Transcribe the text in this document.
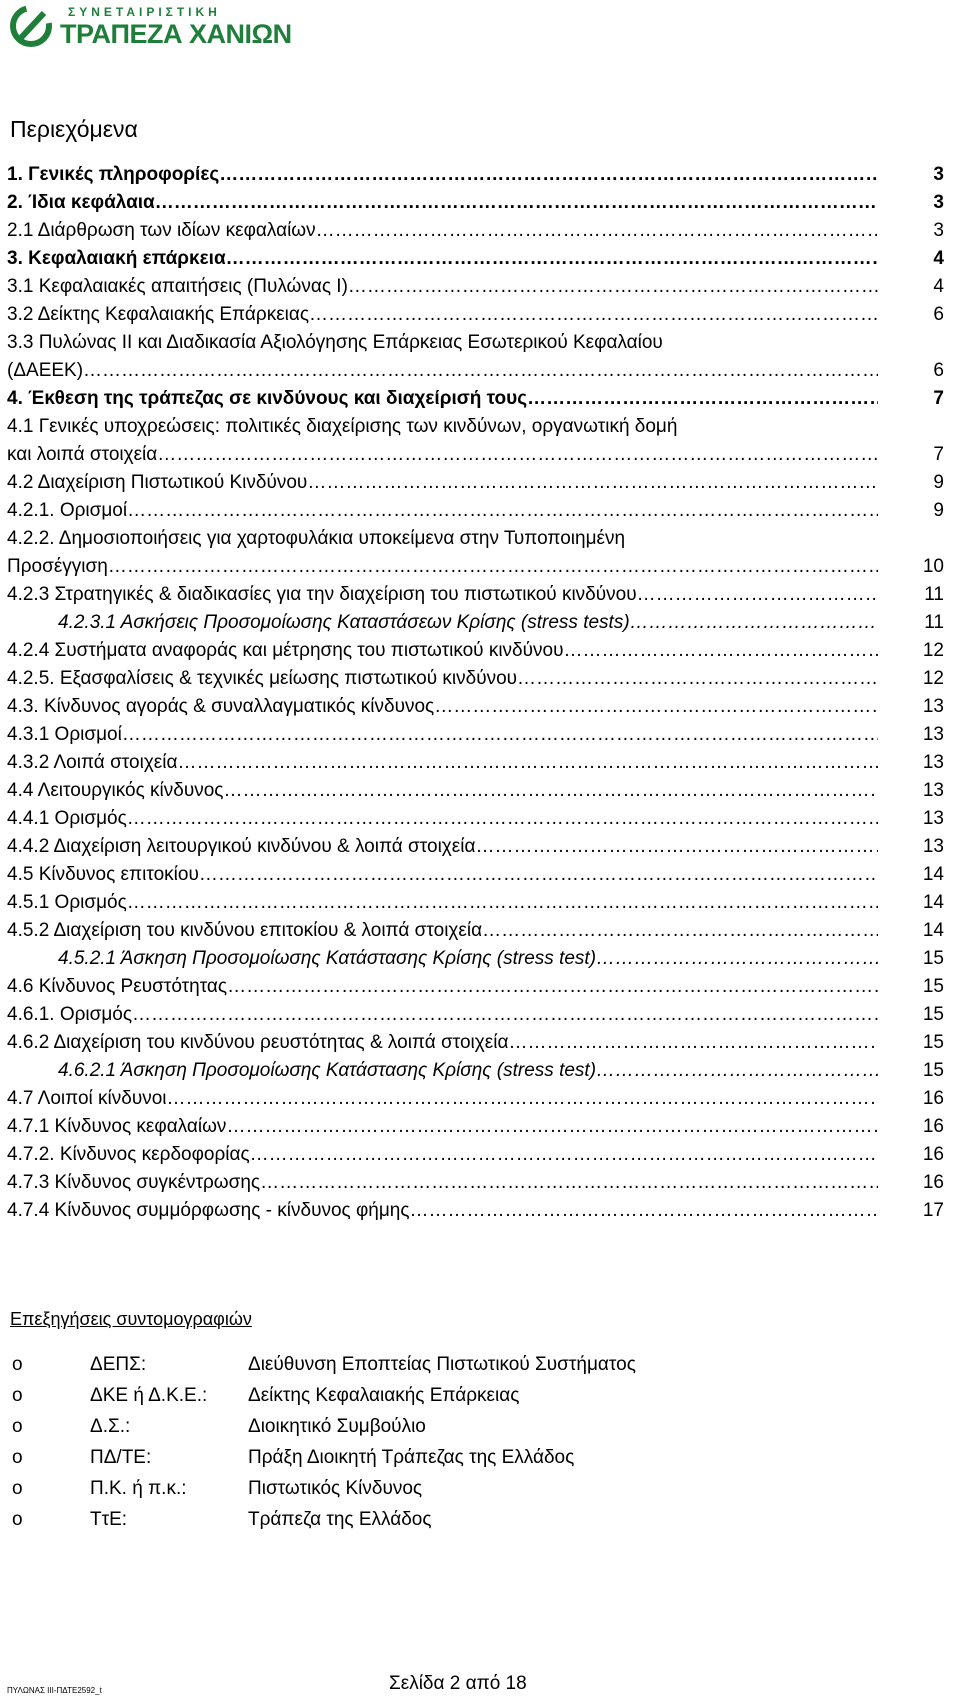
ΣΥΝΕΤΑΙΡΙΣΤΙΚΗ
ΤΡΑΠΕΖΑ ΧΑΝΙΩΝ
Περιεχόμενα
1. Γενικές πληροφορίες ……………………………………………………………………………………………………………………………………………………………………………………	3
2. Ίδια κεφάλαια ……………………………………………………………………………………………………………………………………………………………………………………	3
2.1 Διάρθρωση των ιδίων κεφαλαίων ……………………………………………………………………………………………………………………………………………………………………………………	3
3. Κεφαλαιακή επάρκεια ……………………………………………………………………………………………………………………………………………………………………………………	4
3.1 Κεφαλαιακές απαιτήσεις (Πυλώνας Ι) ……………………………………………………………………………………………………………………………………………………………………………………	4
3.2 Δείκτης Κεφαλαιακής Επάρκειας ……………………………………………………………………………………………………………………………………………………………………………………	6
3.3 Πυλώνας ΙΙ και Διαδικασία Αξιολόγησης Επάρκειας Εσωτερικού Κεφαλαίου
(ΔΑΕΕΚ) ……………………………………………………………………………………………………………………………………………………………………………………	6
4. Έκθεση της τράπεζας σε κινδύνους και διαχείρισή τους ……………………………………………………………………………………………………………………………………………………………………………………	7
4.1 Γενικές υποχρεώσεις: πολιτικές διαχείρισης των κινδύνων, οργανωτική δομή
και λοιπά στοιχεία ……………………………………………………………………………………………………………………………………………………………………………………	7
4.2 Διαχείριση Πιστωτικού Κινδύνου ……………………………………………………………………………………………………………………………………………………………………………………	9
4.2.1. Ορισμοί ……………………………………………………………………………………………………………………………………………………………………………………	9
4.2.2. Δημοσιοποιήσεις για χαρτοφυλάκια υποκείμενα στην Τυποποιημένη
Προσέγγιση ……………………………………………………………………………………………………………………………………………………………………………………	10
4.2.3 Στρατηγικές & διαδικασίες για την διαχείριση του πιστωτικού κινδύνου ……………………………………………………………………………………………………………………………………………………………………………………	11
4.2.3.1 Ασκήσεις Προσομοίωσης Καταστάσεων Κρίσης (stress tests) ……………………………………………………………………………………………………………………………………………………………………………………	11
4.2.4 Συστήματα αναφοράς και μέτρησης του πιστωτικού κινδύνου ……………………………………………………………………………………………………………………………………………………………………………………	12
4.2.5. Εξασφαλίσεις & τεχνικές μείωσης πιστωτικού κινδύνου ……………………………………………………………………………………………………………………………………………………………………………………	12
4.3. Κίνδυνος αγοράς & συναλλαγματικός κίνδυνος ……………………………………………………………………………………………………………………………………………………………………………………	13
4.3.1 Ορισμοί ……………………………………………………………………………………………………………………………………………………………………………………	13
4.3.2 Λοιπά στοιχεία ……………………………………………………………………………………………………………………………………………………………………………………	13
4.4 Λειτουργικός κίνδυνος ……………………………………………………………………………………………………………………………………………………………………………………	13
4.4.1 Ορισμός ……………………………………………………………………………………………………………………………………………………………………………………	13
4.4.2 Διαχείριση λειτουργικού κινδύνου & λοιπά στοιχεία ……………………………………………………………………………………………………………………………………………………………………………………	13
4.5 Κίνδυνος επιτοκίου ……………………………………………………………………………………………………………………………………………………………………………………	14
4.5.1 Ορισμός ……………………………………………………………………………………………………………………………………………………………………………………	14
4.5.2 Διαχείριση του κινδύνου επιτοκίου & λοιπά στοιχεία ……………………………………………………………………………………………………………………………………………………………………………………	14
4.5.2.1 Άσκηση Προσομοίωσης Κατάστασης Κρίσης (stress test) ……………………………………………………………………………………………………………………………………………………………………………………	15
4.6 Κίνδυνος Ρευστότητας ……………………………………………………………………………………………………………………………………………………………………………………	15
4.6.1. Ορισμός ……………………………………………………………………………………………………………………………………………………………………………………	15
4.6.2 Διαχείριση του κινδύνου ρευστότητας & λοιπά στοιχεία ……………………………………………………………………………………………………………………………………………………………………………………	15
4.6.2.1 Άσκηση Προσομοίωσης Κατάστασης Κρίσης (stress test) ……………………………………………………………………………………………………………………………………………………………………………………	15
4.7 Λοιποί κίνδυνοι ……………………………………………………………………………………………………………………………………………………………………………………	16
4.7.1 Κίνδυνος κεφαλαίων ……………………………………………………………………………………………………………………………………………………………………………………	16
4.7.2. Κίνδυνος κερδοφορίας ……………………………………………………………………………………………………………………………………………………………………………………	16
4.7.3 Κίνδυνος συγκέντρωσης ……………………………………………………………………………………………………………………………………………………………………………………	16
4.7.4 Κίνδυνος συμμόρφωσης - κίνδυνος φήμης ……………………………………………………………………………………………………………………………………………………………………………………	17
Επεξηγήσεις συντομογραφιών
o	ΔΕΠΣ:	Διεύθυνση Εποπτείας Πιστωτικού Συστήματος
o	ΔΚΕ ή Δ.Κ.Ε.: Δείκτης Κεφαλαιακής Επάρκειας
o	Δ.Σ.:	Διοικητικό Συμβούλιο
o	ΠΔ/ΤΕ:	Πράξη Διοικητή Τράπεζας της Ελλάδος
o	Π.Κ. ή π.κ.:	Πιστωτικός Κίνδυνος
o	ΤτΕ:	Τράπεζα της Ελλάδος
ΠΥΛΩΝΑΣ ΙΙΙ-ΠΔΤΕ2592_t	Σελίδα 2 από 18
